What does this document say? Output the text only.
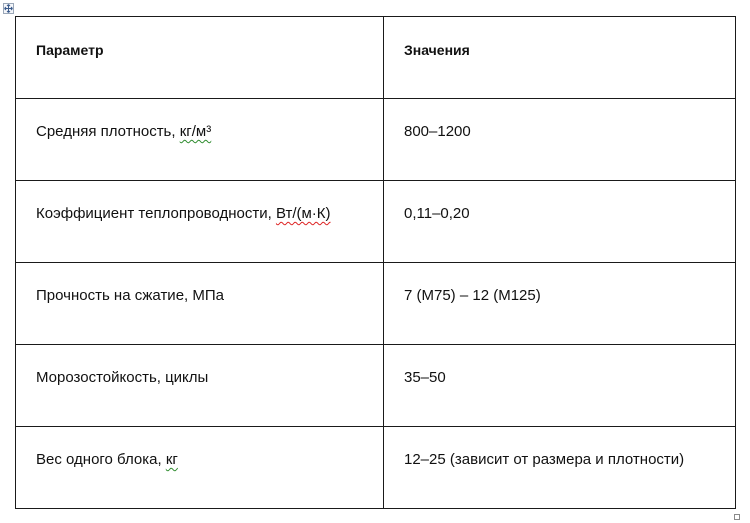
Параметр	Значения

Средняя плотность, кг/м³	800–1200

Коэффициент теплопроводности, Вт/(м·К)	0,11–0,20

Прочность на сжатие, МПа	7 (М75) – 12 (М125)

Морозостойкость, циклы	35–50

Вес одного блока, кг	12–25 (зависит от размера и плотности)
